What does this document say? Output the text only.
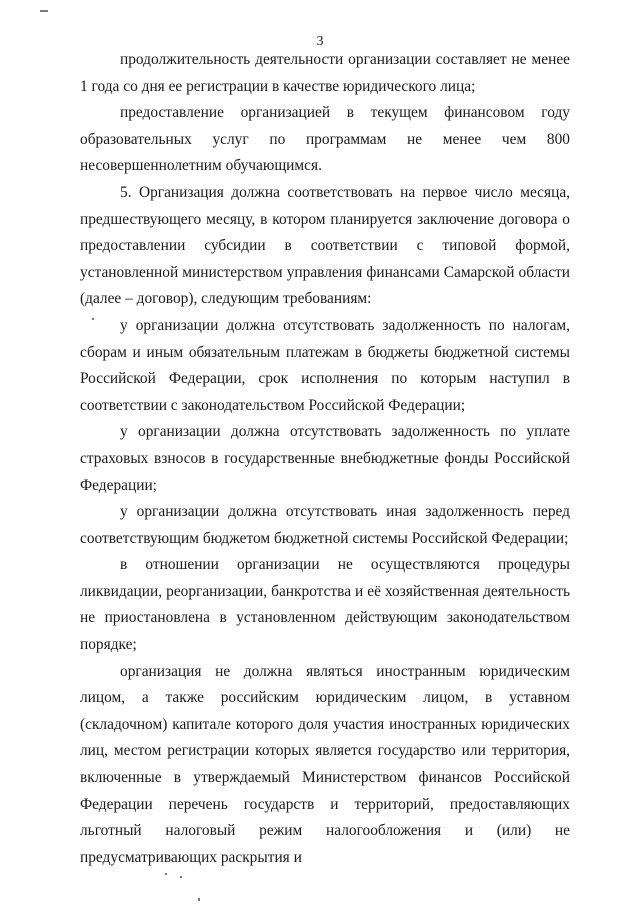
3

продолжительность деятельности организации составляет не менее 1 года со дня ее регистрации в качестве юридического лица;

предоставление организацией в текущем финансовом году образовательных услуг по программам не менее чем 800 несовершеннолетним обучающимся.

5. Организация должна соответствовать на первое число месяца, предшествующего месяцу, в котором планируется заключение договора о предоставлении субсидии в соответствии с типовой формой, установленной министерством управления финансами Самарской области (далее – договор), следующим требованиям:

у организации должна отсутствовать задолженность по налогам, сборам и иным обязательным платежам в бюджеты бюджетной системы Российской Федерации, срок исполнения по которым наступил в соответствии с законодательством Российской Федерации;

у организации должна отсутствовать задолженность по уплате страховых взносов в государственные внебюджетные фонды Российской Федерации;

у организации должна отсутствовать иная задолженность перед соответствующим бюджетом бюджетной системы Российской Федерации;

в отношении организации не осуществляются процедуры ликвидации, реорганизации, банкротства и её хозяйственная деятельность не приостановлена в установленном действующим законодательством порядке;

организация не должна являться иностранным юридическим лицом, а также российским юридическим лицом, в уставном (складочном) капитале которого доля участия иностранных юридических лиц, местом регистрации которых является государство или территория, включенные в утверждаемый Министерством финансов Российской Федерации перечень государств и территорий, предоставляющих льготный налоговый режим налогообложения и (или) не предусматривающих раскрытия и
